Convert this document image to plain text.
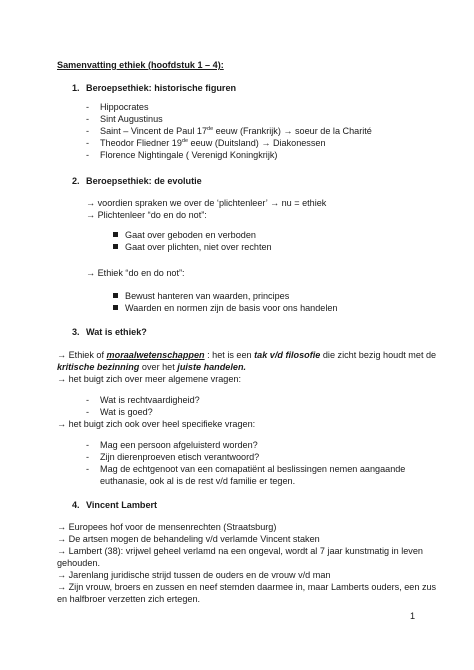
Samenvatting ethiek (hoofdstuk 1 – 4):
1. Beroepsethiek: historische figuren
- Hippocrates
- Sint Augustinus
- Saint – Vincent de Paul 17de eeuw (Frankrijk) → soeur de la Charité
- Theodor Fliedner 19de eeuw (Duitsland) → Diakonessen
- Florence Nightingale ( Verenigd Koningkrijk)
2. Beroepsethiek: de evolutie
→ voordien spraken we over de ‘plichtenleer’ → nu = ethiek
→ Plichtenleer “do en do not”:
Gaat over geboden en verboden
Gaat over plichten, niet over rechten
→ Ethiek “do en do not”:
Bewust hanteren van waarden, principes
Waarden en normen zijn de basis voor ons handelen
3. Wat is ethiek?
→ Ethiek of moraalwetenschappen : het is een tak v/d filosofie die zicht bezig houdt met de
kritische bezinning over het juiste handelen.
→ het buigt zich over meer algemene vragen:
- Wat is rechtvaardigheid?
- Wat is goed?
→ het buigt zich ook over heel specifieke vragen:
- Mag een persoon afgeluisterd worden?
- Zijn dierenproeven etisch verantwoord?
- Mag de echtgenoot van een comapatiënt al beslissingen nemen aangaande
euthanasie, ook al is de rest v/d familie er tegen.
4. Vincent Lambert
→ Europees hof voor de mensenrechten (Straatsburg)
→ De artsen mogen de behandeling v/d verlamde Vincent staken
→ Lambert (38): vrijwel geheel verlamd na een ongeval, wordt al 7 jaar kunstmatig in leven
gehouden.
→ Jarenlang juridische strijd tussen de ouders en de vrouw v/d man
→ Zijn vrouw, broers en zussen en neef stemden daarmee in, maar Lamberts ouders, een zus
en halfbroer verzetten zich ertegen.
1
